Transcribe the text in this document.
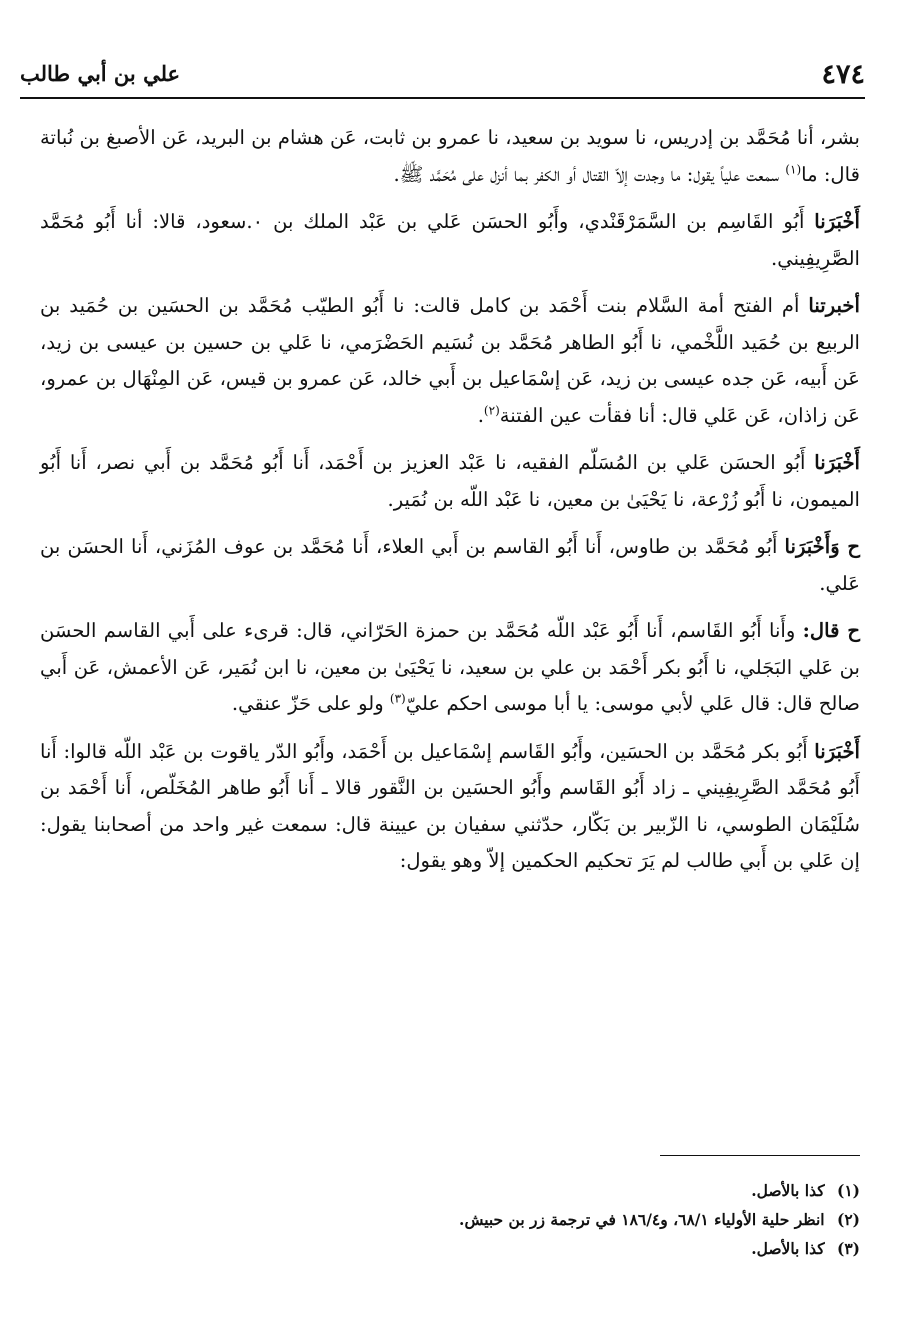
٤٧٤
علي بن أبي طالب

بشر، أنا مُحَمَّد بن إدريس، نا سويد بن سعيد، نا عمرو بن ثابت، عَن هشام بن البريد، عَن الأصبغ بن نُباتة قال: ما$^{(١)}$ سمعت علياً يقول: ما وجدت إلاّ القتال أو الكفر بما أنزل على مُحَمَّد ﷺ.

أَخْبَرَنا أَبُو القَاسِم بن السَّمَرْقَنْدي، وأَبُو الحسَن عَلي بن عَبْد الملك بن ٠.سعود، قالا: أنا أَبُو مُحَمَّد الصَّرِيفِيني.

أخبرتنا أم الفتح أمة السَّلام بنت أَحْمَد بن كامل قالت: نا أَبُو الطيّب مُحَمَّد بن الحسَين بن حُمَيد بن الربيع بن حُمَيد اللَّخْمي، نا أَبُو الطاهر مُحَمَّد بن نُسَيم الحَضْرَمي، نا عَلي بن حسين بن عيسى بن زيد، عَن أَبيه، عَن جده عيسى بن زيد، عَن إسْمَاعيل بن أَبي خالد، عَن عمرو بن قيس، عَن المِنْهَال بن عمرو، عَن زاذان، عَن عَلي قال: أنا فقأت عين الفتنة$^{(٢)}$.

أَخْبَرَنا أَبُو الحسَن عَلي بن المُسَلّم الفقيه، نا عَبْد العزيز بن أَحْمَد، أَنا أَبُو مُحَمَّد بن أَبي نصر، أَنا أَبُو الميمون، نا أَبُو زُرْعة، نا يَحْيَىٰ بن معين، نا عَبْد اللّه بن نُمَير.

ح وَأَخْبَرَنا أَبُو مُحَمَّد بن طاوس، أَنا أَبُو القاسم بن أَبي العلاء، أَنا مُحَمَّد بن عوف المُزَني، أَنا الحسَن بن عَلي.

ح قال: وأَنا أَبُو القَاسم، أَنا أَبُو عَبْد اللّه مُحَمَّد بن حمزة الحَرّاني، قال: قرىء على أَبي القاسم الحسَن بن عَلي البَجَلي، نا أَبُو بكر أَحْمَد بن علي بن سعيد، نا يَحْيَىٰ بن معين، نا ابن نُمَير، عَن الأعمش، عَن أَبي صالح قال: قال عَلي لأبي موسى: يا أبا موسى احكم عليّ$^{(٣)}$ ولو على حَزّ عنقي.

أَخْبَرَنا أَبُو بكر مُحَمَّد بن الحسَين، وأَبُو القَاسم إسْمَاعيل بن أَحْمَد، وأَبُو الدّر ياقوت بن عَبْد اللّه قالوا: أَنا أَبُو مُحَمَّد الصَّرِيفِيني ـ زاد أَبُو القَاسم وأَبُو الحسَين بن النَّقور قالا ـ أَنا أَبُو طاهر المُخَلّص، أَنا أَحْمَد بن سُلَيْمَان الطوسي، نا الزّبير بن بَكّار، حدّثني سفيان بن عيينة قال: سمعت غير واحد من أصحابنا يقول: إن عَلي بن أَبي طالب لم يَرَ تحكيم الحكمين إلاّ وهو يقول:

(١) كذا بالأصل.

(٢) انظر حلية الأولياء ٦٨/١، و١٨٦/٤ في ترجمة زر بن حبيش.

(٣) كذا بالأصل.
